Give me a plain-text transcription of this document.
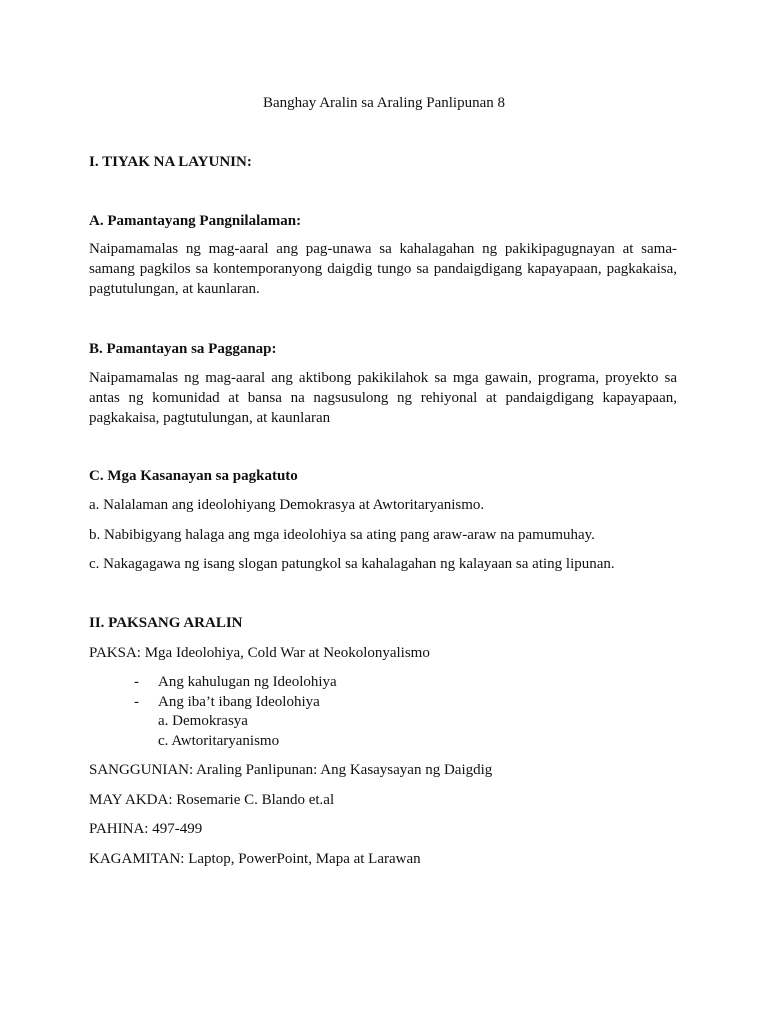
Banghay Aralin sa Araling Panlipunan 8
I. TIYAK NA LAYUNIN:
A. Pamantayang Pangnilalaman:
Naipamamalas ng mag-aaral ang pag-unawa sa kahalagahan ng pakikipagugnayan at sama-samang pagkilos sa kontemporanyong daigdig tungo sa pandaigdigang kapayapaan, pagkakaisa, pagtutulungan, at kaunlaran.
B. Pamantayan sa Pagganap:
Naipamamalas ng mag-aaral ang aktibong pakikilahok sa mga gawain, programa, proyekto sa antas ng komunidad at bansa na nagsusulong ng rehiyonal at pandaigdigang kapayapaan, pagkakaisa, pagtutulungan, at kaunlaran
C. Mga Kasanayan sa pagkatuto
a. Nalalaman ang ideolohiyang Demokrasya at Awtoritaryanismo.
b. Nabibigyang halaga ang mga ideolohiya sa ating pang araw-araw na pamumuhay.
c. Nakagagawa ng isang slogan patungkol sa kahalagahan ng kalayaan sa ating lipunan.
II. PAKSANG ARALIN
PAKSA: Mga Ideolohiya, Cold War at Neokolonyalismo
- Ang kahulugan ng Ideolohiya
- Ang iba’t ibang Ideolohiya
a. Demokrasya
c. Awtoritaryanismo
SANGGUNIAN: Araling Panlipunan: Ang Kasaysayan ng Daigdig
MAY AKDA: Rosemarie C. Blando et.al
PAHINA: 497-499
KAGAMITAN: Laptop, PowerPoint, Mapa at Larawan
